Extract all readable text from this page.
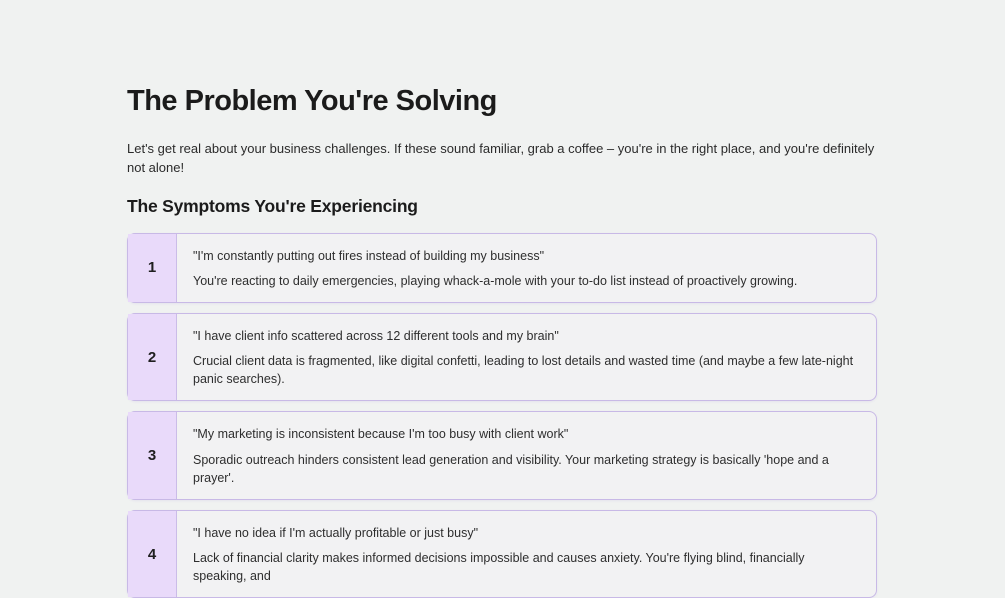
The Problem You're Solving

Let's get real about your business challenges. If these sound familiar, grab a coffee – you're in the right place, and you're definitely not alone!

The Symptoms You're Experiencing
1

"I'm constantly putting out fires instead of building my business"

You're reacting to daily emergencies, playing whack-a-mole with your to-do list instead of proactively growing.

2

"I have client info scattered across 12 different tools and my brain"

Crucial client data is fragmented, like digital confetti, leading to lost details and wasted time (and maybe a few late-night panic searches).

3

"My marketing is inconsistent because I'm too busy with client work"

Sporadic outreach hinders consistent lead generation and visibility. Your marketing strategy is basically 'hope and a prayer'.

4

"I have no idea if I'm actually profitable or just busy"

Lack of financial clarity makes informed decisions impossible and causes anxiety. You're flying blind, financially speaking, and
